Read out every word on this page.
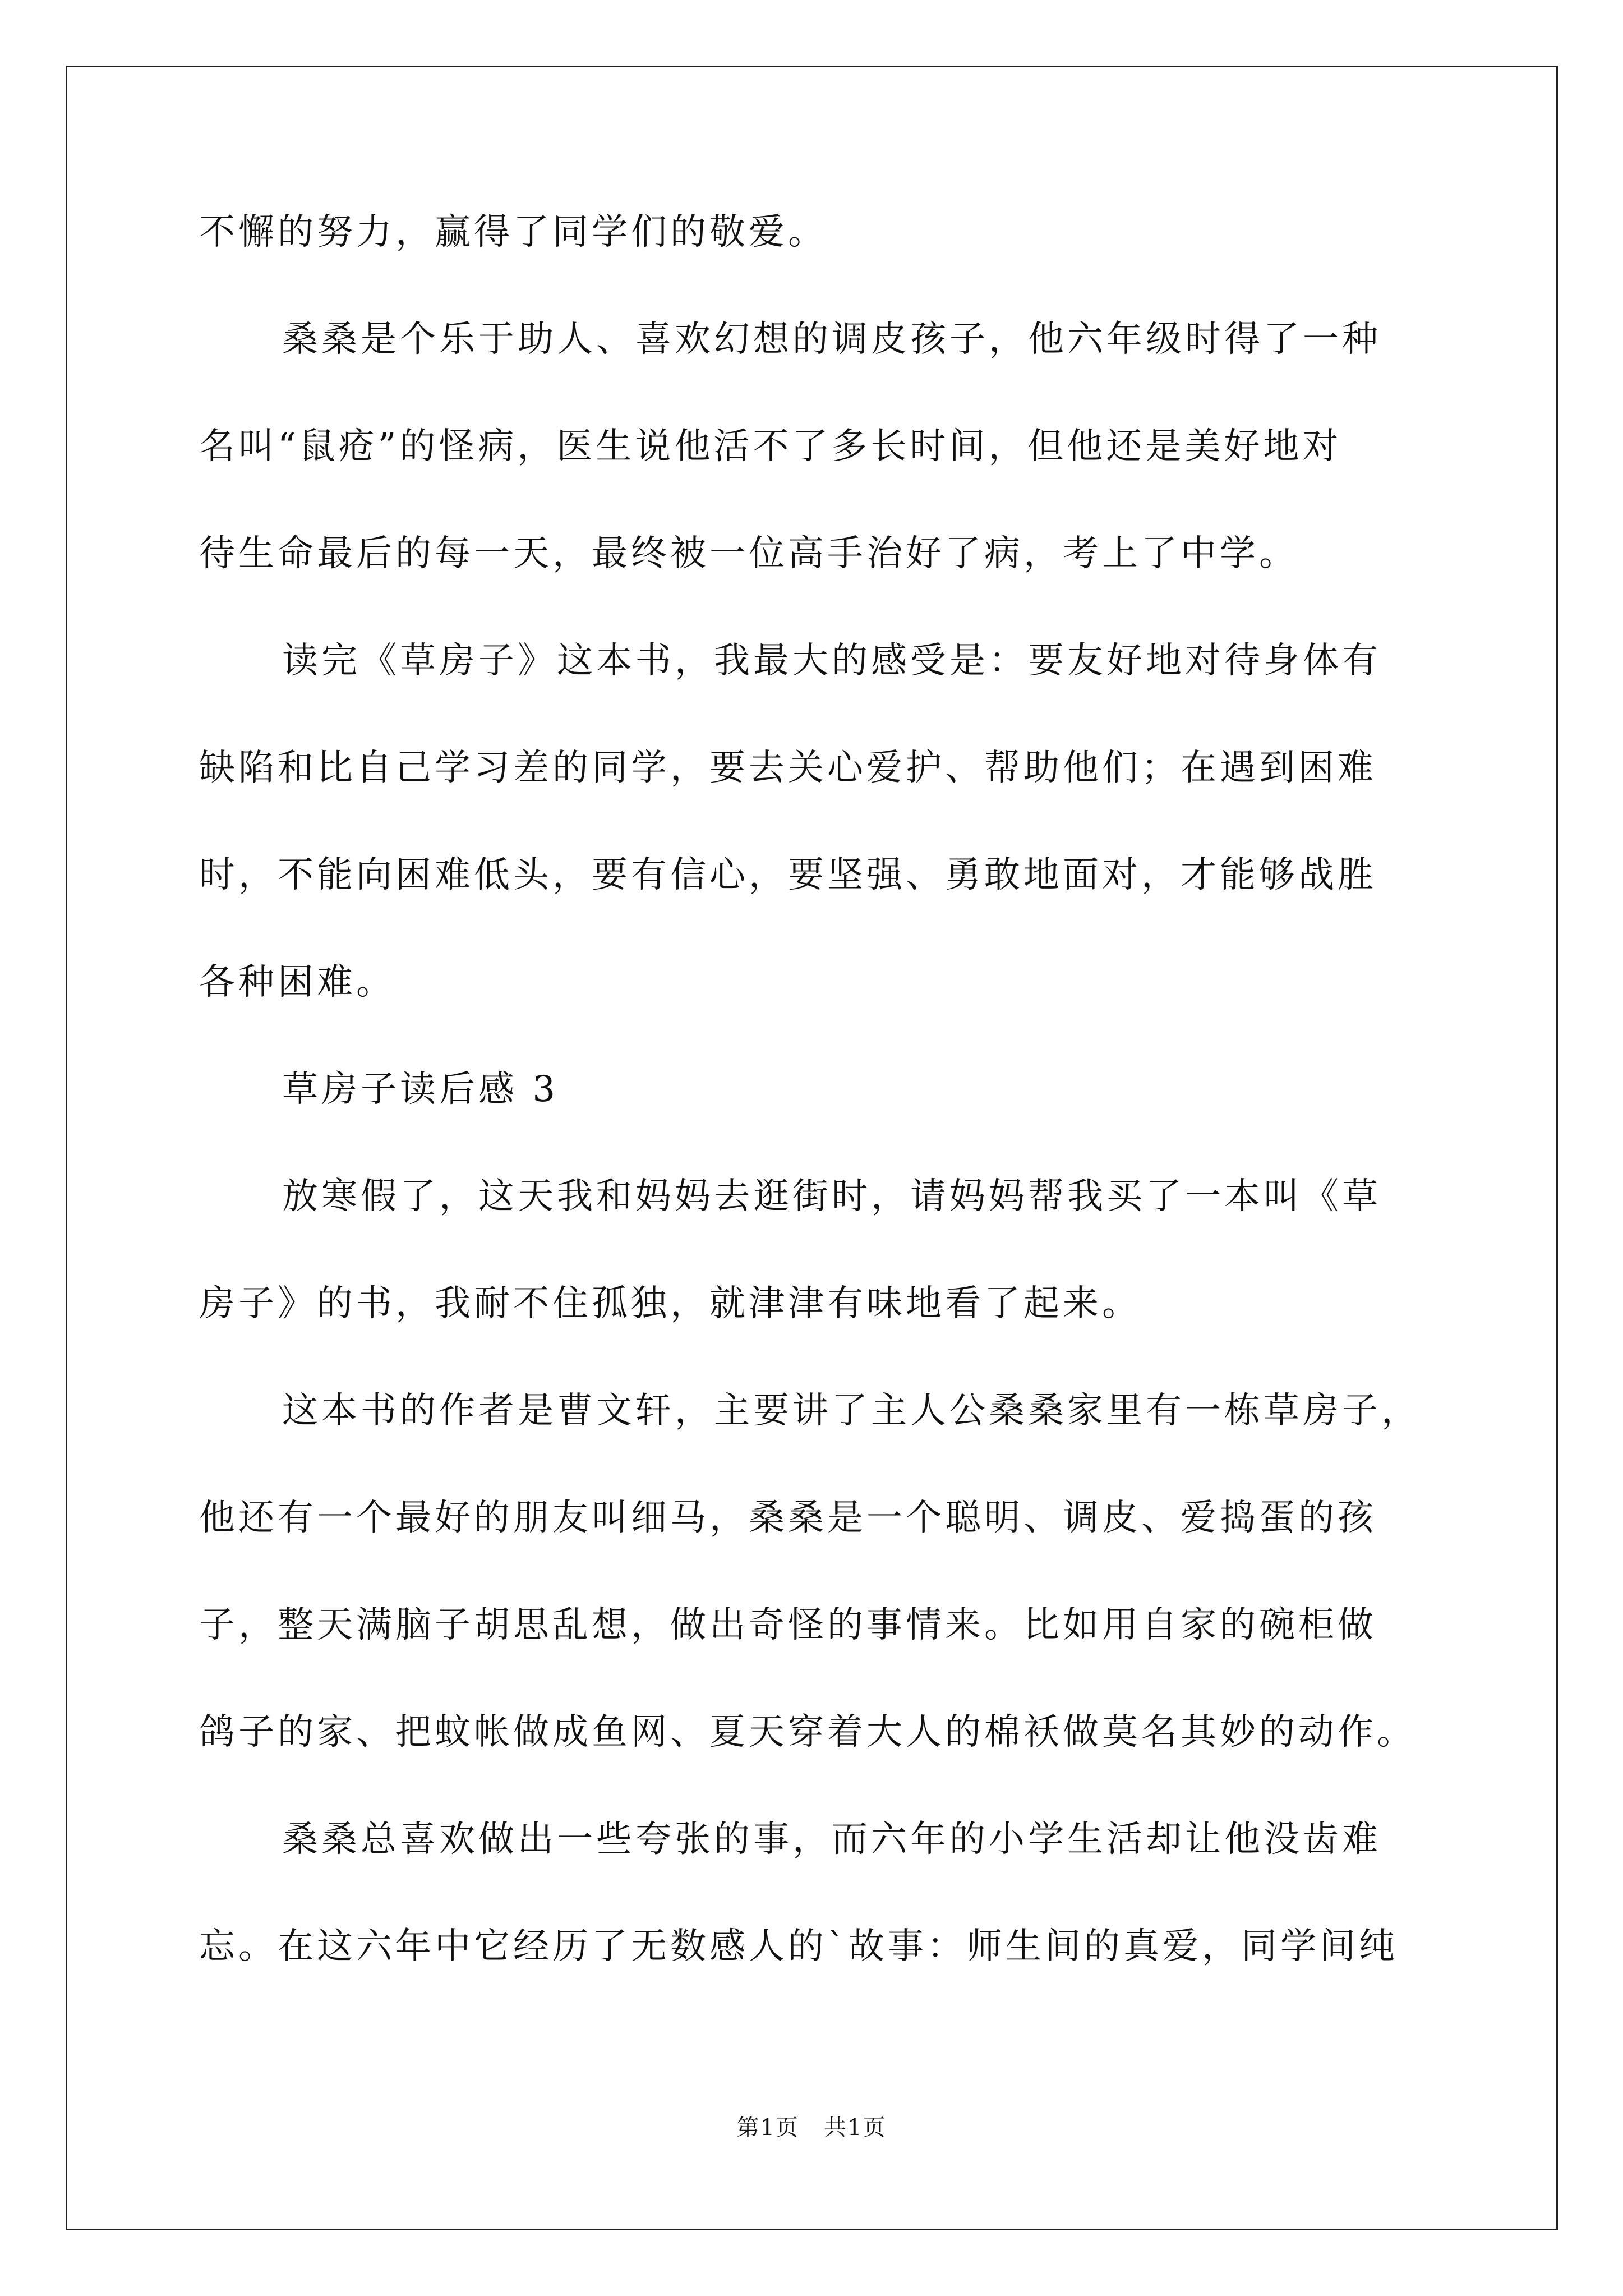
不懈的努力，赢得了同学们的敬爱。
桑桑是个乐于助人、喜欢幻想的调皮孩子，他六年级时得了一种
名叫“鼠疮”的怪病，医生说他活不了多长时间，但他还是美好地对
待生命最后的每一天，最终被一位高手治好了病，考上了中学。
读完《草房子》这本书，我最大的感受是：要友好地对待身体有
缺陷和比自己学习差的同学，要去关心爱护、帮助他们；在遇到困难
时，不能向困难低头，要有信心，要坚强、勇敢地面对，才能够战胜
各种困难。
草房子读后感 3
放寒假了，这天我和妈妈去逛街时，请妈妈帮我买了一本叫《草
房子》的书，我耐不住孤独，就津津有味地看了起来。
这本书的作者是曹文轩，主要讲了主人公桑桑家里有一栋草房子，
他还有一个最好的朋友叫细马，桑桑是一个聪明、调皮、爱捣蛋的孩
子，整天满脑子胡思乱想，做出奇怪的事情来。比如用自家的碗柜做
鸽子的家、把蚊帐做成鱼网、夏天穿着大人的棉袄做莫名其妙的动作。
桑桑总喜欢做出一些夸张的事，而六年的小学生活却让他没齿难
忘。在这六年中它经历了无数感人的`故事：师生间的真爱，同学间纯
第1页   共1页
